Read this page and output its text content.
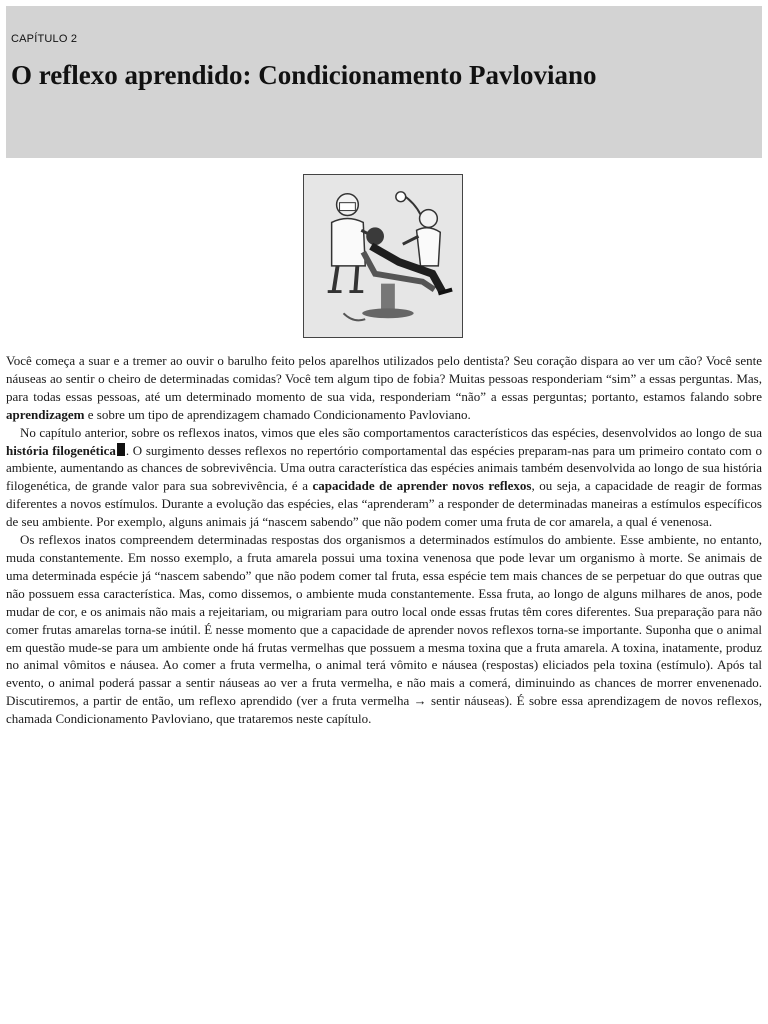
CAPÍTULO 2
O reflexo aprendido: Condicionamento Pavloviano

Você começa a suar e a tremer ao ouvir o barulho feito pelos aparelhos utilizados pelo dentista? Seu coração dispara ao ver um cão? Você sente náuseas ao sentir o cheiro de determinadas comidas? Você tem algum tipo de fobia? Muitas pessoas responderiam “sim” a essas perguntas. Mas, para todas essas pessoas, até um determinado momento de sua vida, responderiam “não” a essas perguntas; portanto, estamos falando sobre aprendizagem e sobre um tipo de aprendizagem chamado Condicionamento Pavloviano.

No capítulo anterior, sobre os reflexos inatos, vimos que eles são comportamentos característicos das espécies, desenvolvidos ao longo de sua história filogenética . O surgimento desses reflexos no repertório comportamental das espécies preparam-nas para um primeiro contato com o ambiente, aumentando as chances de sobrevivência. Uma outra característica das espécies animais também desenvolvida ao longo de sua história filogenética, de grande valor para sua sobrevivência, é a capacidade de aprender novos reflexos, ou seja, a capacidade de reagir de formas diferentes a novos estímulos. Durante a evolução das espécies, elas “aprenderam” a responder de determinadas maneiras a estímulos específicos de seu ambiente. Por exemplo, alguns animais já “nascem sabendo” que não podem comer uma fruta de cor amarela, a qual é venenosa.

Os reflexos inatos compreendem determinadas respostas dos organismos a determinados estímulos do ambiente. Esse ambiente, no entanto, muda constantemente. Em nosso exemplo, a fruta amarela possui uma toxina venenosa que pode levar um organismo à morte. Se animais de uma determinada espécie já “nascem sabendo” que não podem comer tal fruta, essa espécie tem mais chances de se perpetuar do que outras que não possuem essa característica. Mas, como dissemos, o ambiente muda constantemente. Essa fruta, ao longo de alguns milhares de anos, pode mudar de cor, e os animais não mais a rejeitariam, ou migrariam para outro local onde essas frutas têm cores diferentes. Sua preparação para não comer frutas amarelas torna-se inútil. É nesse momento que a capacidade de aprender novos reflexos torna-se importante. Suponha que o animal em questão mude-se para um ambiente onde há frutas vermelhas que possuem a mesma toxina que a fruta amarela. A toxina, inatamente, produz no animal vômitos e náusea. Ao comer a fruta vermelha, o animal terá vômito e náusea (respostas) eliciados pela toxina (estímulo). Após tal evento, o animal poderá passar a sentir náuseas ao ver a fruta vermelha, e não mais a comerá, diminuindo as chances de morrer envenenado. Discutiremos, a partir de então, um reflexo aprendido (ver a fruta vermelha → sentir náuseas). É sobre essa aprendizagem de novos reflexos, chamada Condicionamento Pavloviano, que trataremos neste capítulo.
